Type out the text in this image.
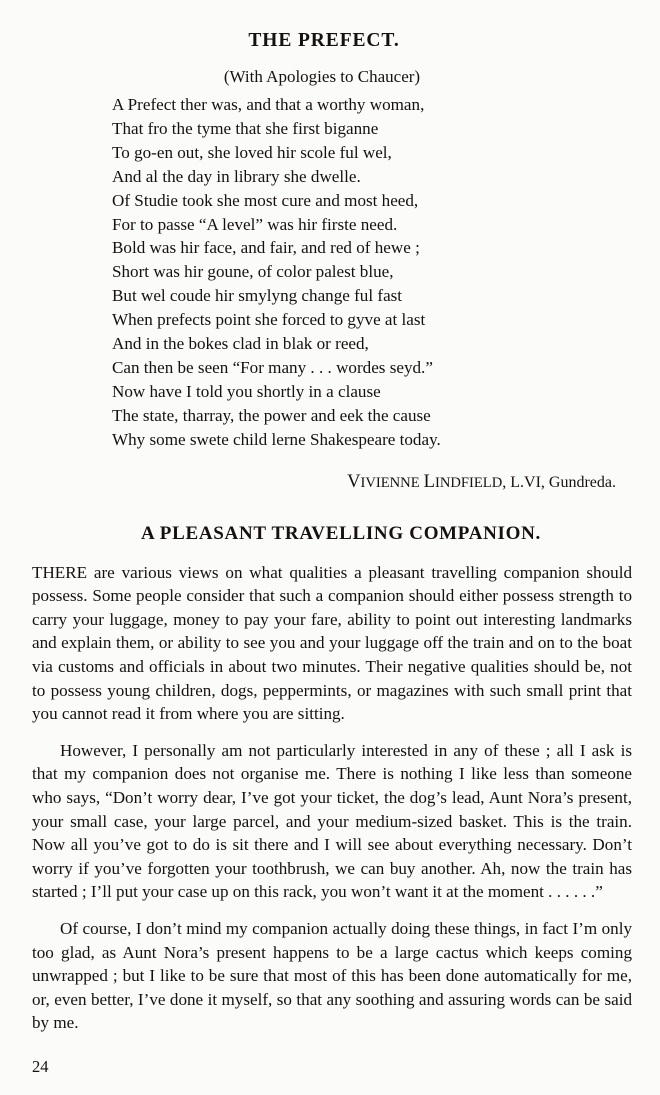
THE PREFECT.
(With Apologies to Chaucer)
A Prefect ther was, and that a worthy woman,
That fro the tyme that she first biganne
To go-en out, she loved hir scole ful wel,
And al the day in library she dwelle.
Of Studie took she most cure and most heed,
For to passe “A level” was hir firste need.
Bold was hir face, and fair, and red of hewe ;
Short was hir goune, of color palest blue,
But wel coude hir smylyng change ful fast
When prefects point she forced to gyve at last
And in the bokes clad in blak or reed,
Can then be seen “For many . . . wordes seyd.”
Now have I told you shortly in a clause
The state, tharray, the power and eek the cause
Why some swete child lerne Shakespeare today.
VIVIENNE LINDFIELD, L.VI, Gundreda.
A PLEASANT TRAVELLING COMPANION.

THERE are various views on what qualities a pleasant travelling companion should possess. Some people consider that such a companion should either possess strength to carry your luggage, money to pay your fare, ability to point out interesting landmarks and explain them, or ability to see you and your luggage off the train and on to the boat via customs and officials in about two minutes. Their negative qualities should be, not to possess young children, dogs, peppermints, or magazines with such small print that you cannot read it from where you are sitting.

However, I personally am not particularly interested in any of these ; all I ask is that my companion does not organise me. There is nothing I like less than someone who says, “Don’t worry dear, I’ve got your ticket, the dog’s lead, Aunt Nora’s present, your small case, your large parcel, and your medium-sized basket. This is the train. Now all you’ve got to do is sit there and I will see about everything necessary. Don’t worry if you’ve forgotten your toothbrush, we can buy another. Ah, now the train has started ; I’ll put your case up on this rack, you won’t want it at the moment . . . . . .”

Of course, I don’t mind my companion actually doing these things, in fact I’m only too glad, as Aunt Nora’s present happens to be a large cactus which keeps coming unwrapped ; but I like to be sure that most of this has been done automatically for me, or, even better, I’ve done it myself, so that any soothing and assuring words can be said by me.

24
